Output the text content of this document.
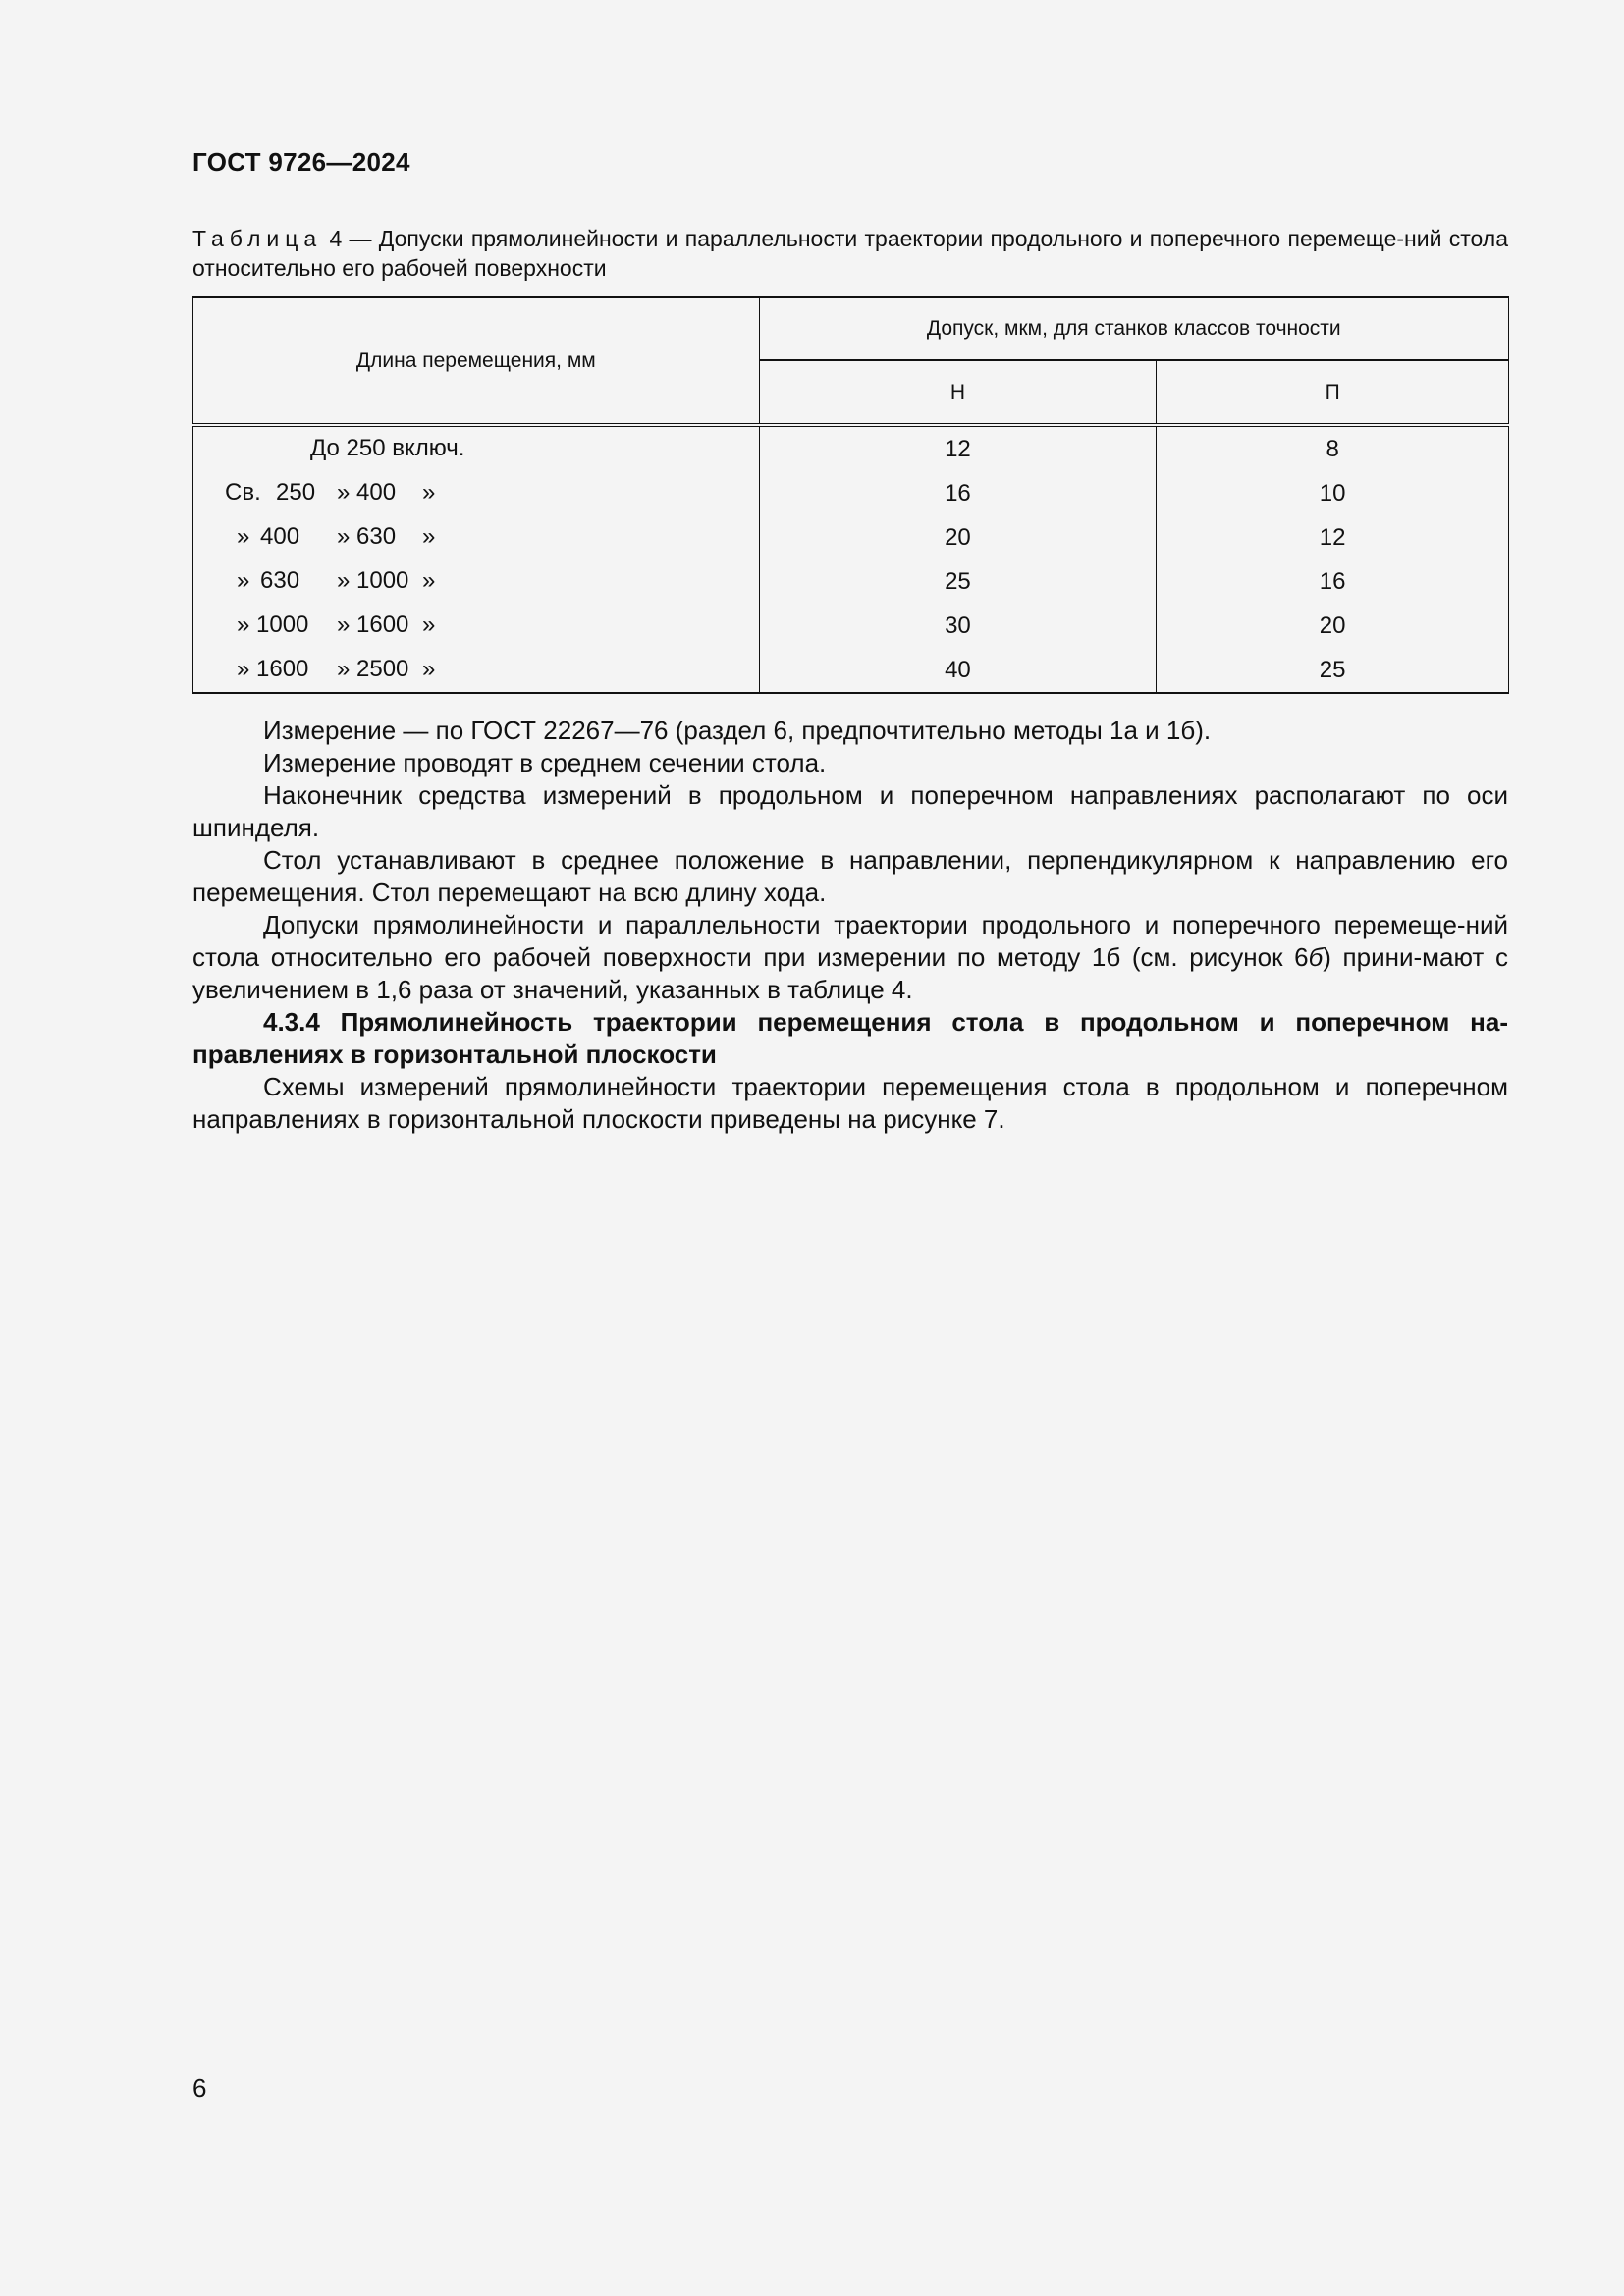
ГОСТ 9726—2024
Таблица 4 — Допуски прямолинейности и параллельности траектории продольного и поперечного перемеще-ний стола относительно его рабочей поверхности
Длина перемещения, мм	Допуск, мкм, для станков классов точности	
	Н	П

До 250 включ.	12	8

Св. 250 » 400 »	16	10

» 400 » 630 »	20	12

» 630 » 1000 »	25	16

» 1000 » 1600 »	30	20

» 1600 » 2500 »	40	25

Измерение — по ГОСТ 22267—76 (раздел 6, предпочтительно методы 1а и 1б).

Измерение проводят в среднем сечении стола.

Наконечник средства измерений в продольном и поперечном направлениях располагают по оси шпинделя.

Стол устанавливают в среднее положение в направлении, перпендикулярном к направлению его перемещения. Стол перемещают на всю длину хода.

Допуски прямолинейности и параллельности траектории продольного и поперечного перемеще-ний стола относительно его рабочей поверхности при измерении по методу 1б (см. рисунок 6б) прини-мают с увеличением в 1,6 раза от значений, указанных в таблице 4.

4.3.4 Прямолинейность траектории перемещения стола в продольном и поперечном на-правлениях в горизонтальной плоскости

Схемы измерений прямолинейности траектории перемещения стола в продольном и поперечном направлениях в горизонтальной плоскости приведены на рисунке 7.

6
